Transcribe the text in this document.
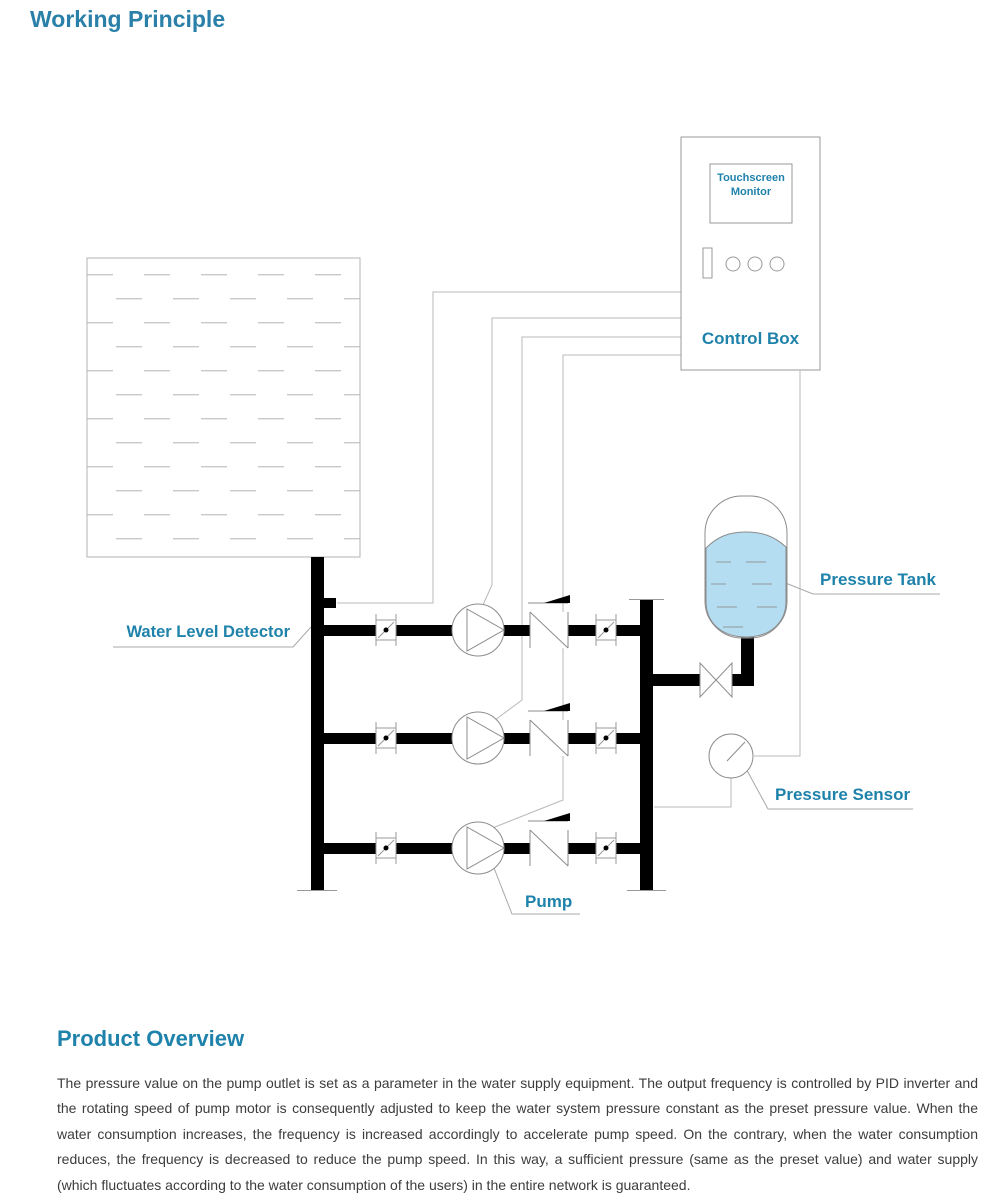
Working Principle
Touchscreen Monitor
Control Box
Water Level Detector
Pressure Tank
Pressure Sensor
Pump
Product Overview
The pressure value on the pump outlet is set as a parameter in the water supply equipment. The output frequency is controlled by PID inverter and the rotating speed of pump motor is consequently adjusted to keep the water system pressure constant as the preset pressure value. When the water consumption increases, the frequency is increased accordingly to accelerate pump speed. On the contrary, when the water consumption reduces, the frequency is decreased to reduce the pump speed. In this way, a sufficient pressure (same as the preset value) and water supply (which fluctuates according to the water consumption of the users) in the entire network is guaranteed.
